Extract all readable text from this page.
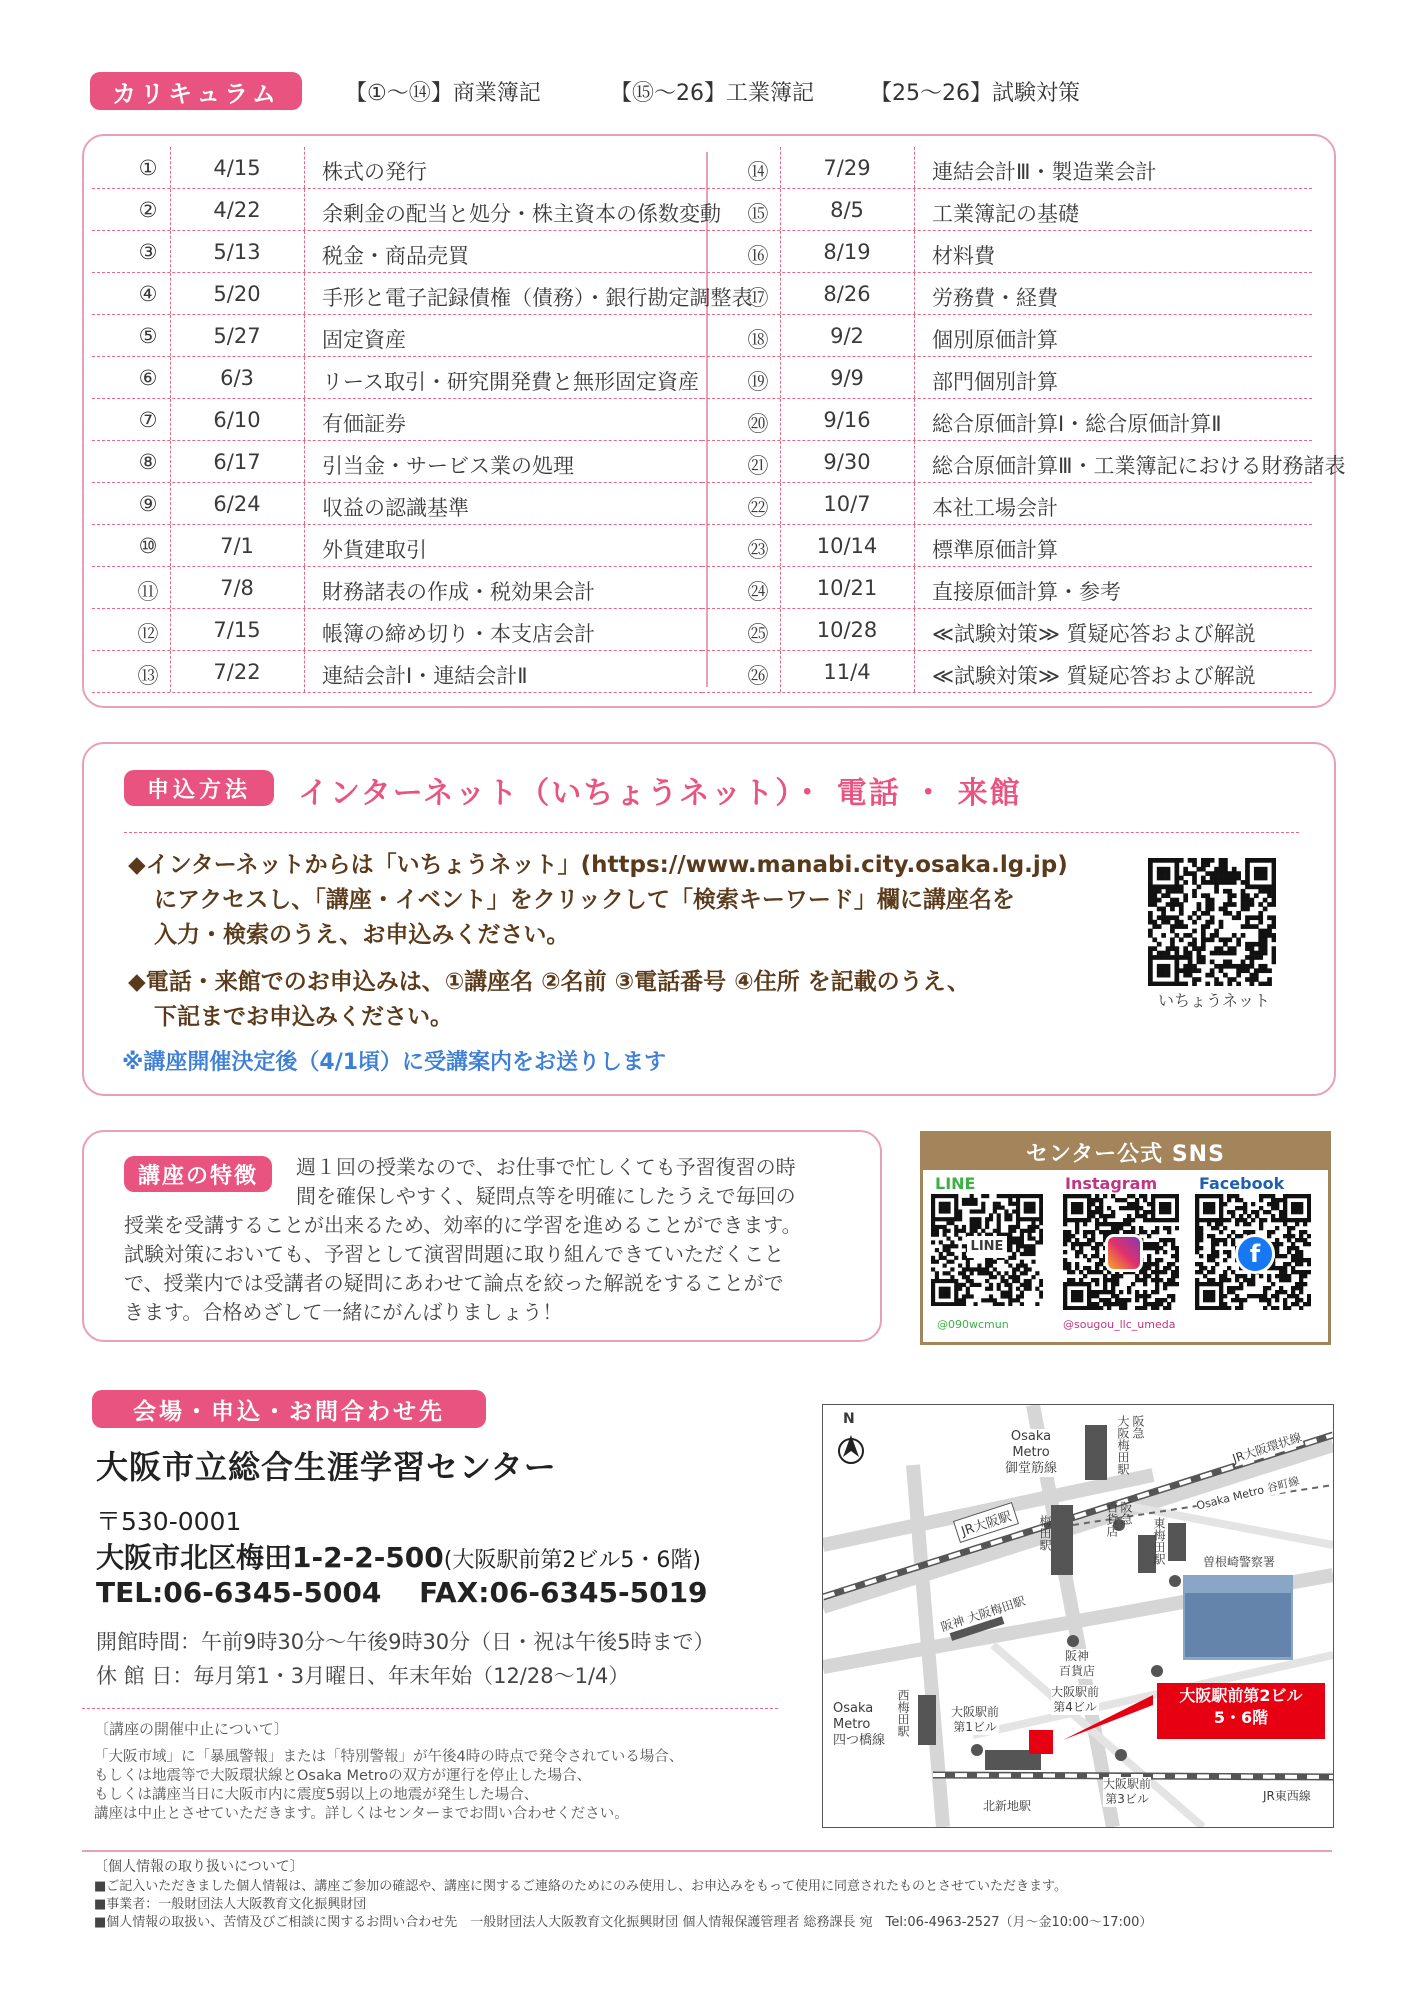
カリキュラム	【①～⑭】商業簿記	【⑮～26】工業簿記	【25～26】試験対策
①	4/15	株式の発行
②	4/22	余剰金の配当と処分・株主資本の係数変動
③	5/13	税金・商品売買
④	5/20	手形と電子記録債権（債務）・銀行勘定調整表
⑤	5/27	固定資産
⑥	6/3	リース取引・研究開発費と無形固定資産
⑦	6/10	有価証券
⑧	6/17	引当金・サービス業の処理
⑨	6/24	収益の認識基準
⑩	7/1	外貨建取引
⑪	7/8	財務諸表の作成・税効果会計
⑫	7/15	帳簿の締め切り・本支店会計
⑬	7/22	連結会計Ⅰ・連結会計Ⅱ
⑭	7/29	連結会計Ⅲ・製造業会計
⑮	8/5	工業簿記の基礎
⑯	8/19	材料費
⑰	8/26	労務費・経費
⑱	9/2	個別原価計算
⑲	9/9	部門個別計算
⑳	9/16	総合原価計算Ⅰ・総合原価計算Ⅱ
㉑	9/30	総合原価計算Ⅲ・工業簿記における財務諸表
㉒	10/7	本社工場会計
㉓	10/14	標準原価計算
㉔	10/21	直接原価計算・参考
㉕	10/28	≪試験対策≫ 質疑応答および解説
㉖	11/4	≪試験対策≫ 質疑応答および解説
申込方法	インターネット（いちょうネット）・ 電話 ・ 来館
◆インターネットからは「いちょうネット」(https://www.manabi.city.osaka.lg.jp)
にアクセスし、「講座・イベント」をクリックして「検索キーワード」欄に講座名を
入力・検索のうえ、お申込みください。
◆電話・来館でのお申込みは、①講座名 ②名前 ③電話番号 ④住所 を記載のうえ、
下記までお申込みください。
※講座開催決定後（4/1頃）に受講案内をお送りします
いちょうネット
講座の特徴	週１回の授業なので、お仕事で忙しくても予習復習の時
間を確保しやすく、疑問点等を明確にしたうえで毎回の
授業を受講することが出来るため、効率的に学習を進めることができます。
試験対策においても、予習として演習問題に取り組んできていただくこと
で、授業内では受講者の疑問にあわせて論点を絞った解説をすることがで
きます。合格めざして一緒にがんばりましょう！
センター公式 SNS
LINE	Instagram	Facebook
LINE	f
@090wcmun	@sougou_llc_umeda
会場・申込・お問合わせ先
大阪市立総合生涯学習センター
〒530-0001
大阪市北区梅田1-2-2-500(大阪駅前第2ビル5・6階)
TEL:06-6345-5004 FAX:06-6345-5019
開館時間：午前9時30分～午後9時30分（日・祝は午後5時まで）
休 館 日：毎月第1・3月曜日、年末年始（12/28～1/4）
〔講座の開催中止について〕
「大阪市域」に「暴風警報」または「特別警報」が午後4時の時点で発令されている場合、
もしくは地震等で大阪環状線とOsaka Metroの双方が運行を停止した場合、
もしくは講座当日に大阪市内に震度5弱以上の地震が発生した場合、
講座は中止とさせていただきます。詳しくはセンターまでお問い合わせください。
N
Osaka
Metro
御堂筋線
阪急
大阪梅田駅	JR大阪環状線
JR大阪駅	梅田駅
阪急
百貨店
Osaka Metro 谷町線
東梅田駅	曽根崎警察署
阪神 大阪梅田駅
阪神
百貨店
大阪駅前
第4ビル
大阪駅前第2ビル
5・6階
Osaka
Metro
四つ橋線
西梅田駅	大阪駅前
第1ビル
北新地駅
大阪駅前
第3ビル	JR東西線
〔個人情報の取り扱いについて〕
■ご記入いただきました個人情報は、講座ご参加の確認や、講座に関するご連絡のためにのみ使用し、お申込みをもって使用に同意されたものとさせていただきます。
■事業者：一般財団法人大阪教育文化振興財団
■個人情報の取扱い、苦情及びご相談に関するお問い合わせ先　一般財団法人大阪教育文化振興財団 個人情報保護管理者 総務課長 宛　Tel:06-4963-2527（月～金10:00～17:00）
